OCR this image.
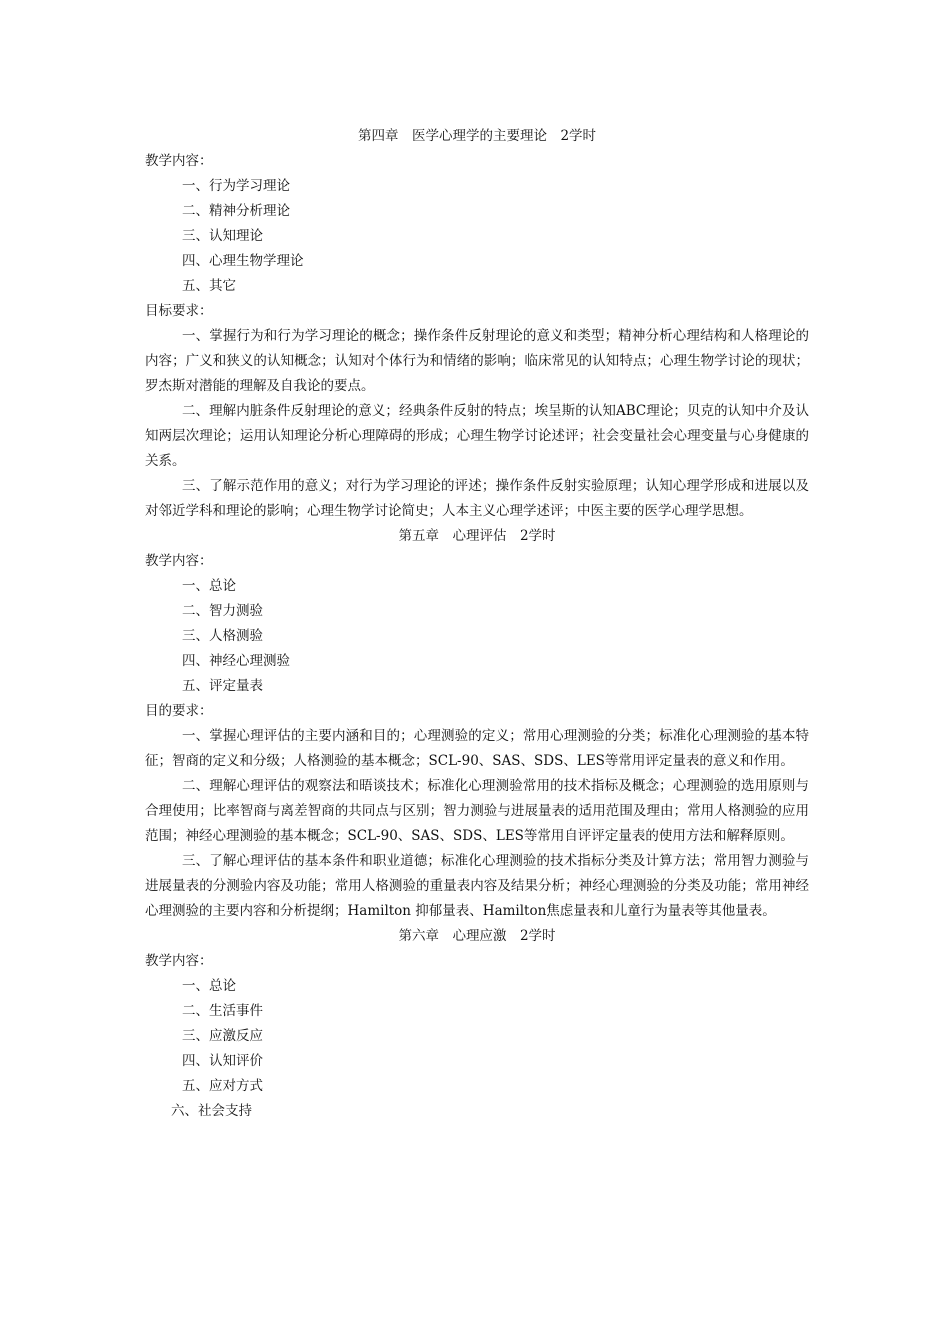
第四章　医学心理学的主要理论　2学时
教学内容：
一、行为学习理论
二、精神分析理论
三、认知理论
四、心理生物学理论
五、其它
目标要求：
一、掌握行为和行为学习理论的概念；操作条件反射理论的意义和类型；精神分析心理结构和人格理论的内容；广义和狭义的认知概念；认知对个体行为和情绪的影响；临床常见的认知特点；心理生物学讨论的现状；罗杰斯对潜能的理解及自我论的要点。
二、理解内脏条件反射理论的意义；经典条件反射的特点；埃呈斯的认知ABC理论；贝克的认知中介及认知两层次理论；运用认知理论分析心理障碍的形成；心理生物学讨论述评；社会变量社会心理变量与心身健康的关系。
三、了解示范作用的意义；对行为学习理论的评述；操作条件反射实验原理；认知心理学形成和进展以及对邻近学科和理论的影响；心理生物学讨论简史；人本主义心理学述评；中医主要的医学心理学思想。
第五章　心理评估　2学时
教学内容：
一、总论
二、智力测验
三、人格测验
四、神经心理测验
五、评定量表
目的要求：
一、掌握心理评估的主要内涵和目的；心理测验的定义；常用心理测验的分类；标准化心理测验的基本特征；智商的定义和分级；人格测验的基本概念；SCL-90、SAS、SDS、LES等常用评定量表的意义和作用。
二、理解心理评估的观察法和晤谈技术；标准化心理测验常用的技术指标及概念；心理测验的选用原则与合理使用；比率智商与离差智商的共同点与区别；智力测验与进展量表的适用范围及理由；常用人格测验的应用范围；神经心理测验的基本概念；SCL-90、SAS、SDS、LES等常用自评评定量表的使用方法和解释原则。
三、了解心理评估的基本条件和职业道德；标准化心理测验的技术指标分类及计算方法；常用智力测验与进展量表的分测验内容及功能；常用人格测验的重量表内容及结果分析；神经心理测验的分类及功能；常用神经心理测验的主要内容和分析提纲；Hamilton 抑郁量表、Hamilton焦虑量表和儿童行为量表等其他量表。
第六章　心理应激　2学时
教学内容：
一、总论
二、生活事件
三、应激反应
四、认知评价
五、应对方式
六、社会支持
